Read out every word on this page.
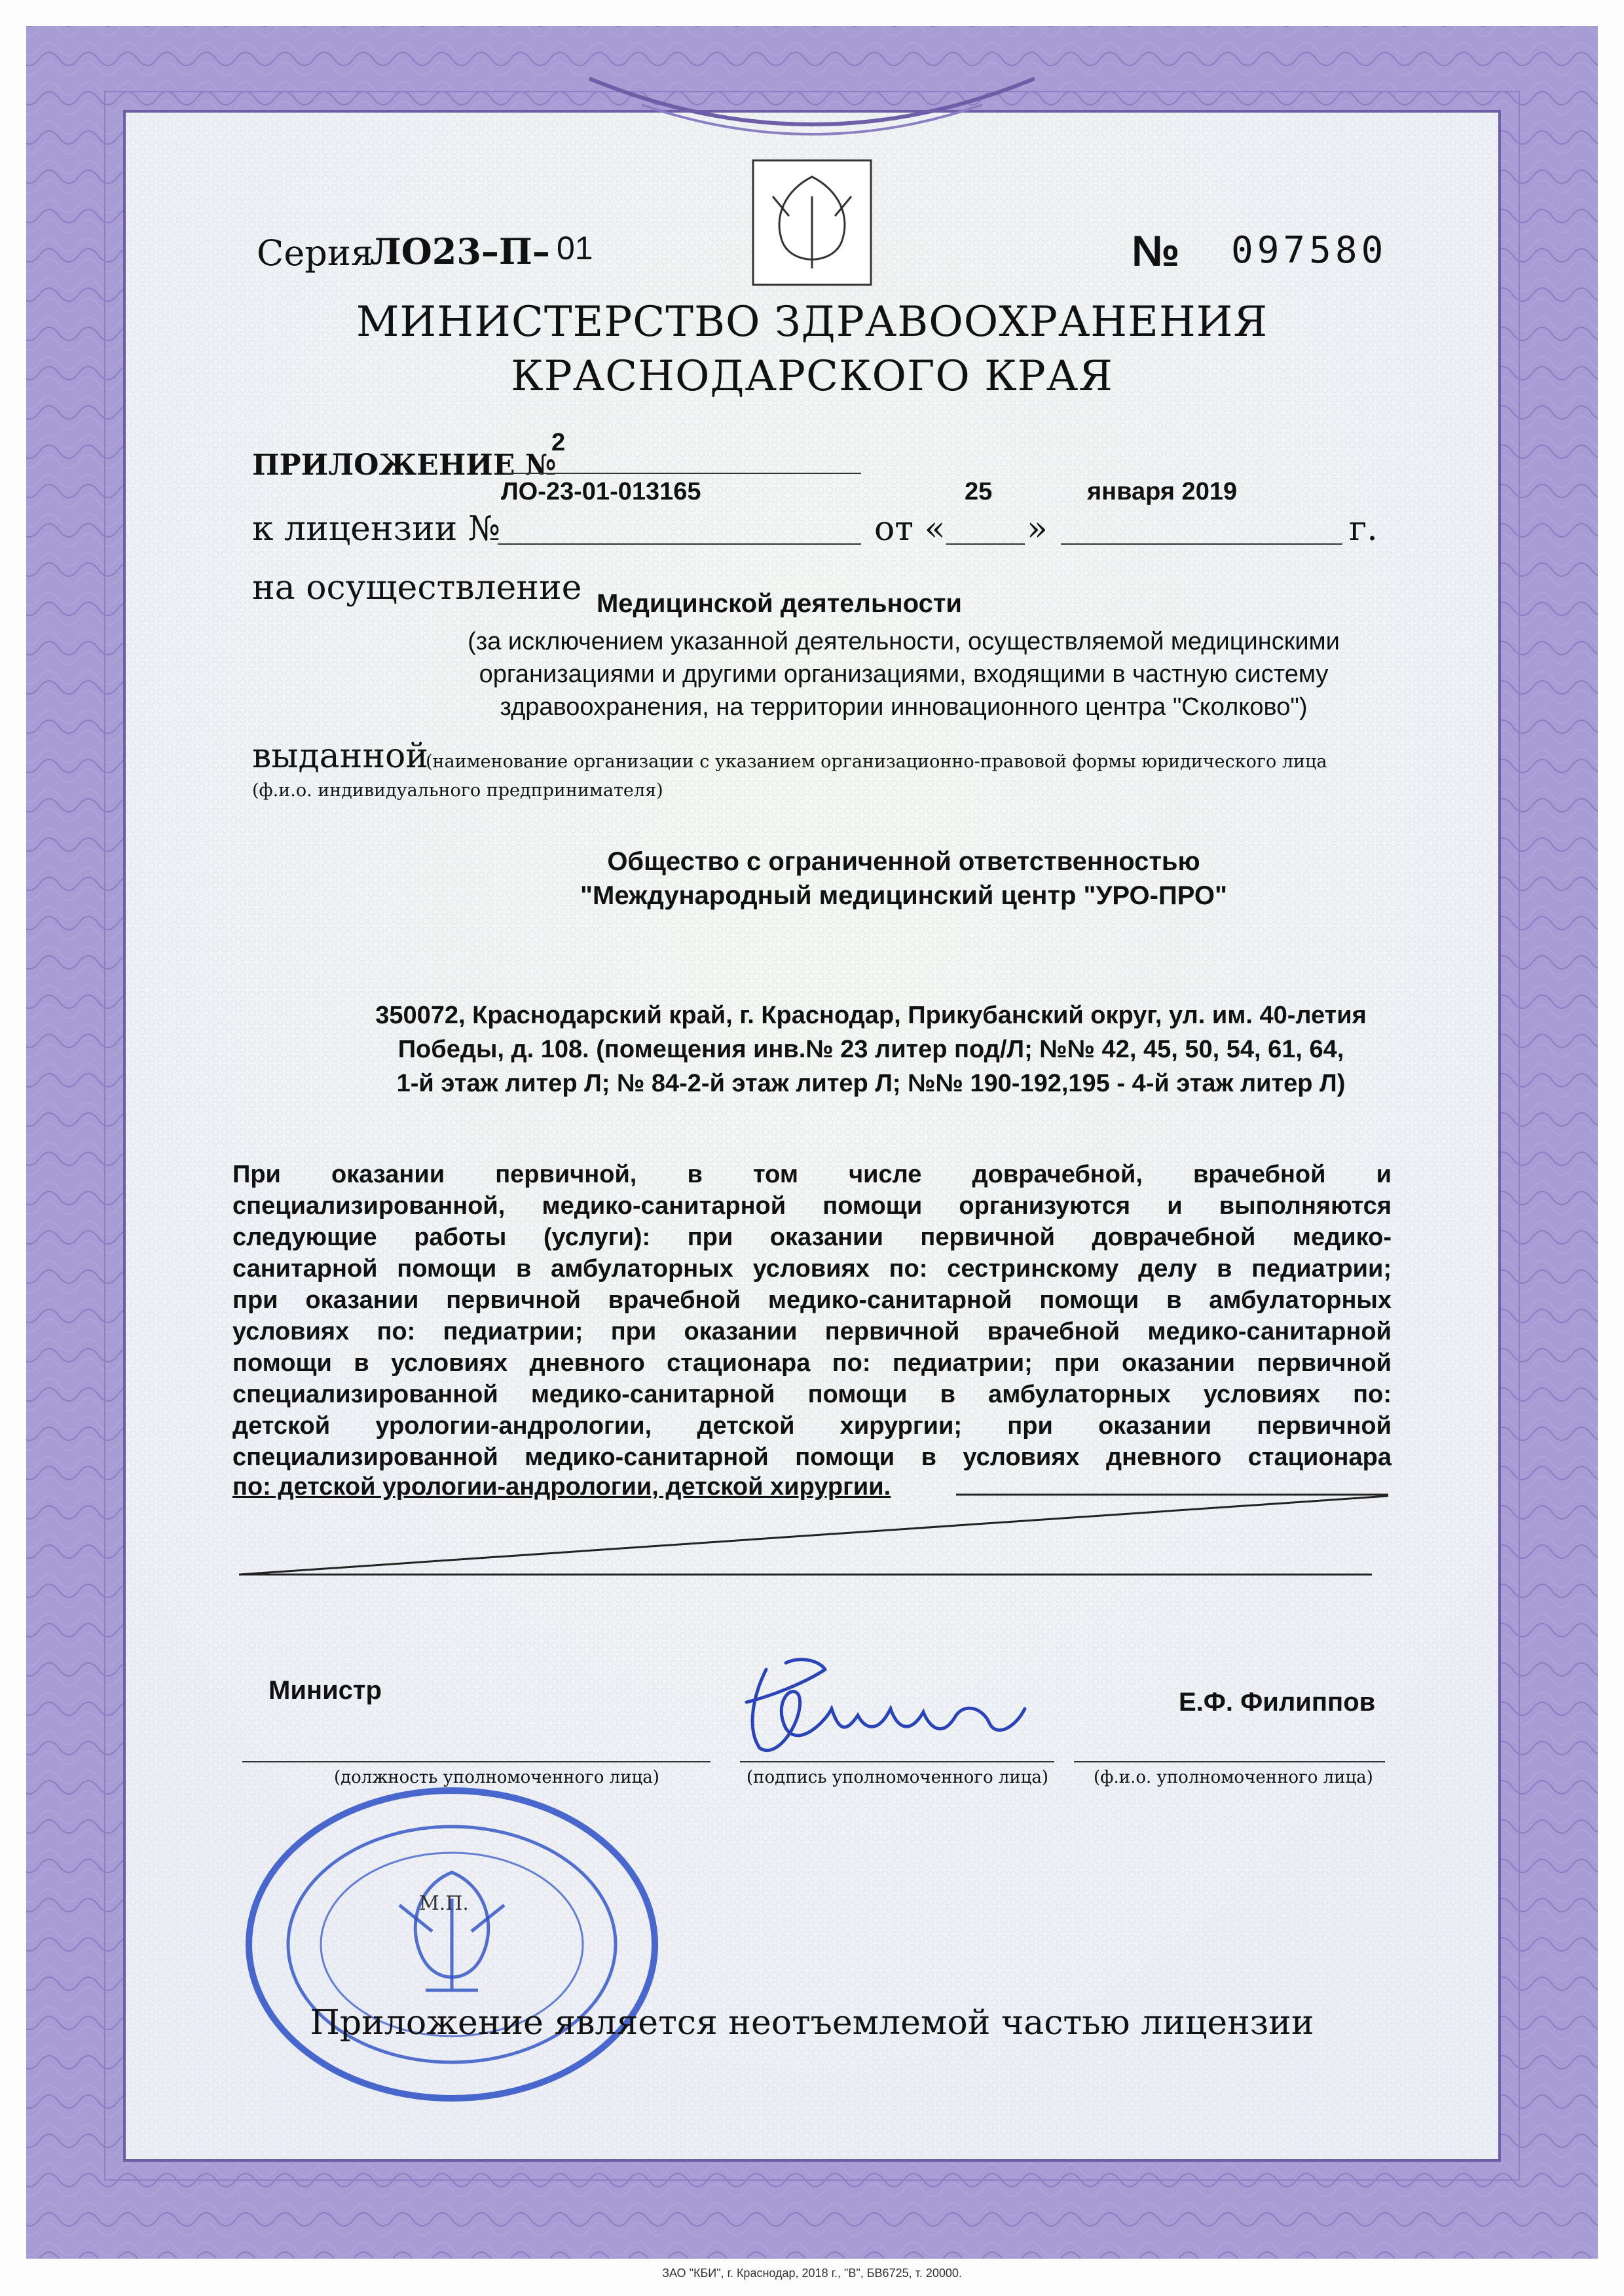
Серия
ЛО23–П– 01	№ 097580
МИНИСТЕРСТВО ЗДРАВООХРАНЕНИЯ
КРАСНОДАРСКОГО КРАЯ
ПРИЛОЖЕНИЕ №
2
ЛО-23-01-013165	25	января 2019
к лицензии №	от « »	г.
на осуществление Медицинской деятельности
(за исключением указанной деятельности, осуществляемой медицинскими
организациями и другими организациями, входящими в частную систему
здравоохранения, на территории инновационного центра "Сколково")
выданной
(наименование организации с указанием организационно-правовой формы юридического лица
(ф.и.о. индивидуального предпринимателя)
Общество с ограниченной ответственностью
"Международный медицинский центр "УРО-ПРО"
350072, Краснодарский край, г. Краснодар, Прикубанский округ, ул. им. 40-летия
Победы, д. 108. (помещения инв.№ 23 литер под/Л; №№ 42, 45, 50, 54, 61, 64,
1-й этаж литер Л; № 84-2-й этаж литер Л; №№ 190-192,195 - 4-й этаж литер Л)
При оказании первичной, в том числе доврачебной, врачебной и
специализированной, медико-санитарной помощи организуются и выполняются
следующие работы (услуги): при оказании первичной доврачебной медико-
санитарной помощи в амбулаторных условиях по: сестринскому делу в педиатрии;
при оказании первичной врачебной медико-санитарной помощи в амбулаторных
условиях по: педиатрии; при оказании первичной врачебной медико-санитарной
помощи в условиях дневного стационара по: педиатрии; при оказании первичной
специализированной медико-санитарной помощи в амбулаторных условиях по:
детской урологии-андрологии, детской хирургии; при оказании первичной
специализированной медико-санитарной помощи в условиях дневного стационара
по: детской урологии-андрологии, детской хирургии.
Министр	Е.Ф. Филиппов
(должность уполномоченного лица)	(подпись уполномоченного лица)	(ф.и.о. уполномоченного лица)
М.П.
Приложение является неотъемлемой частью лицензии
ЗАО "КБИ", г. Краснодар, 2018 г., "В", БВ6725, т. 20000.
